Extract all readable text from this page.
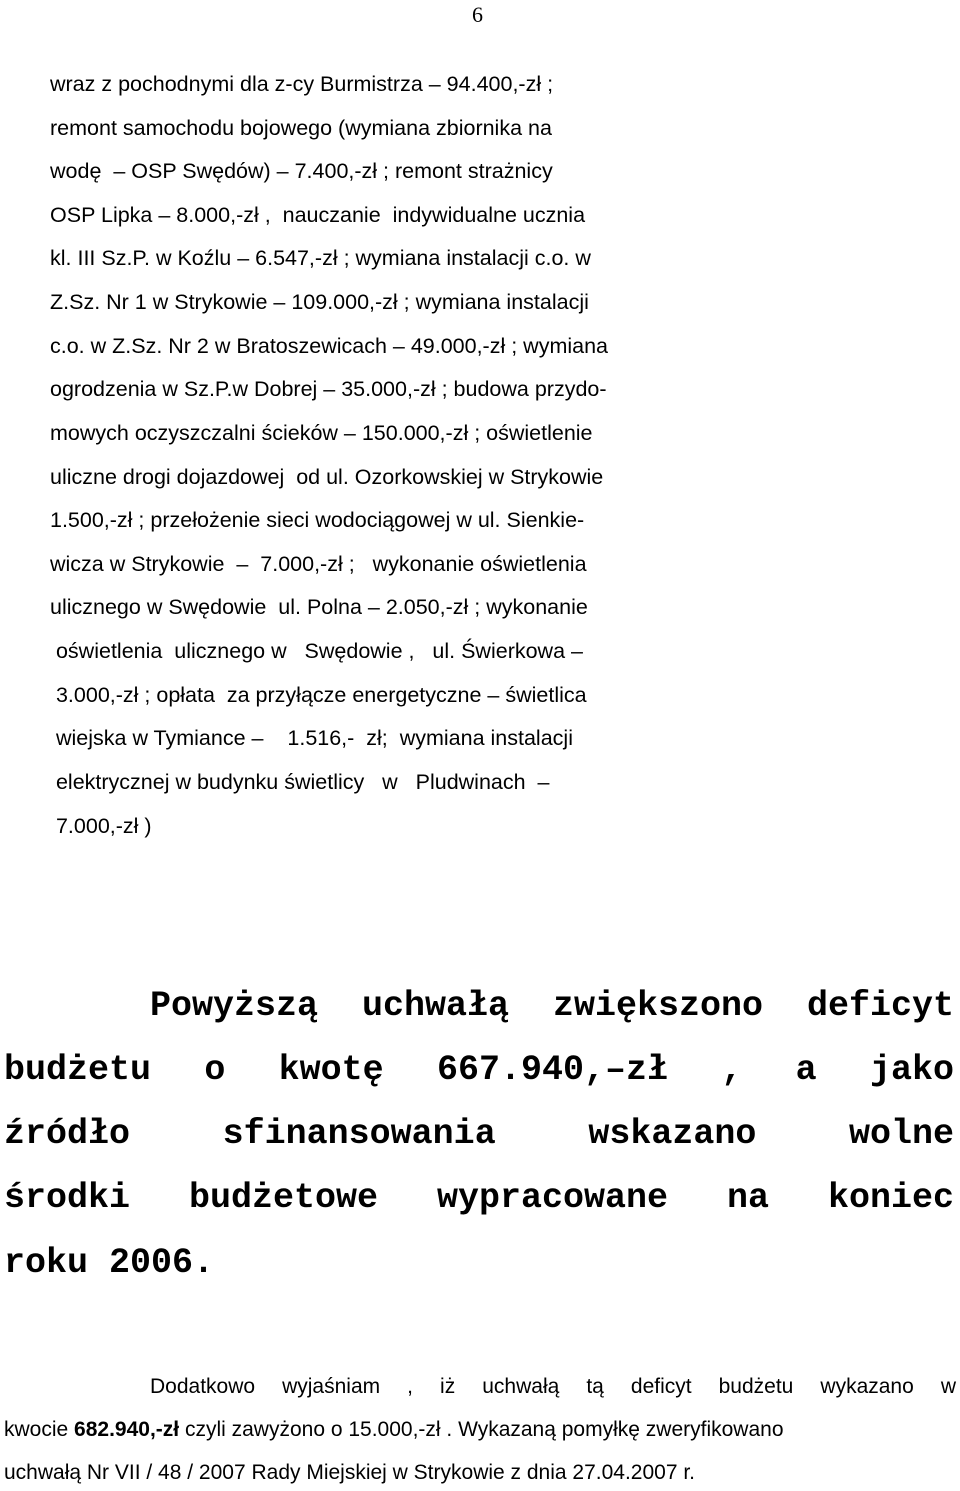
6
wraz z pochodnymi dla z-cy Burmistrza – 94.400,-zł ;
remont samochodu bojowego (wymiana zbiornika na
wodę  – OSP Swędów) – 7.400,-zł ; remont strażnicy
OSP Lipka – 8.000,-zł ,  nauczanie  indywidualne ucznia
kl. III Sz.P. w Koźlu – 6.547,-zł ; wymiana instalacji c.o. w
Z.Sz. Nr 1 w Strykowie – 109.000,-zł ; wymiana instalacji
c.o. w Z.Sz. Nr 2 w Bratoszewicach – 49.000,-zł ; wymiana
ogrodzenia w Sz.P.w Dobrej – 35.000,-zł ; budowa przydo-
mowych oczyszczalni ścieków – 150.000,-zł ; oświetlenie
uliczne drogi dojazdowej  od ul. Ozorkowskiej w Strykowie
1.500,-zł ; przełożenie sieci wodociągowej w ul. Sienkie-
wicza w Strykowie  –  7.000,-zł ;   wykonanie oświetlenia
ulicznego w Swędowie  ul. Polna – 2.050,-zł ; wykonanie
oświetlenia  ulicznego w   Swędowie ,   ul. Świerkowa –
3.000,-zł ; opłata  za przyłącze energetyczne – świetlica
wiejska w Tymiance –    1.516,-  zł;  wymiana instalacji
elektrycznej w budynku świetlicy   w   Pludwinach  –
7.000,-zł )
Powyższą uchwałą zwiększono deficyt
budżetu o kwotę 667.940,–zł , a jako
źródło sfinansowania wskazano wolne
środki budżetowe wypracowane na koniec
roku 2006.
Dodatkowo wyjaśniam , iż uchwałą tą deficyt budżetu wykazano w
kwocie 682.940,-zł czyli zawyżono o 15.000,-zł . Wykazaną pomyłkę zweryfikowano
uchwałą Nr VII / 48 / 2007 Rady Miejskiej w Strykowie z dnia 27.04.2007 r.
